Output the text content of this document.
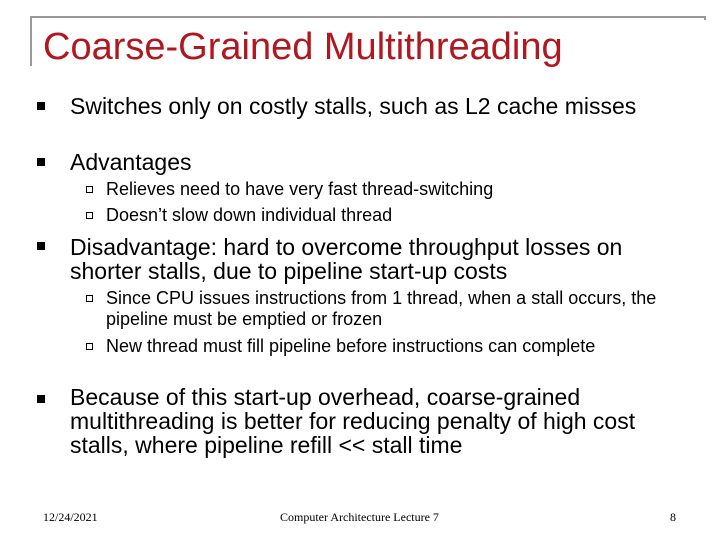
Coarse-Grained Multithreading
Switches only on costly stalls, such as L2 cache misses
Advantages
Relieves need to have very fast thread-switching
Doesn’t slow down individual thread
Disadvantage: hard to overcome throughput losses on shorter stalls, due to pipeline start-up costs
Since CPU issues instructions from 1 thread, when a stall occurs, the pipeline must be emptied or frozen
New thread must fill pipeline before instructions can complete
Because of this start-up overhead, coarse-grained multithreading is better for reducing penalty of high cost stalls, where pipeline refill << stall time
12/24/2021	Computer Architecture Lecture 7	8
